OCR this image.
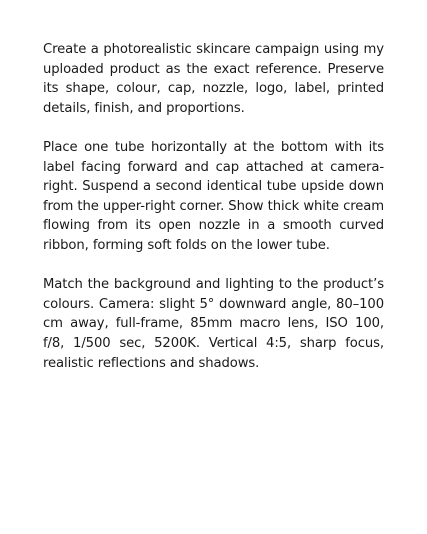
Create a photorealistic skincare campaign using my uploaded product as the exact reference. Preserve its shape, colour, cap, nozzle, logo, label, printed details, finish, and proportions.

Place one tube horizontally at the bottom with its label facing forward and cap attached at camera-right. Suspend a second identical tube upside down from the upper-right corner. Show thick white cream flowing from its open nozzle in a smooth curved ribbon, forming soft folds on the lower tube.

Match the background and lighting to the product’s colours. Camera: slight 5° downward angle, 80–100 cm away, full-frame, 85mm macro lens, ISO 100, f/8, 1/500 sec, 5200K. Vertical 4:5, sharp focus, realistic reflections and shadows.
